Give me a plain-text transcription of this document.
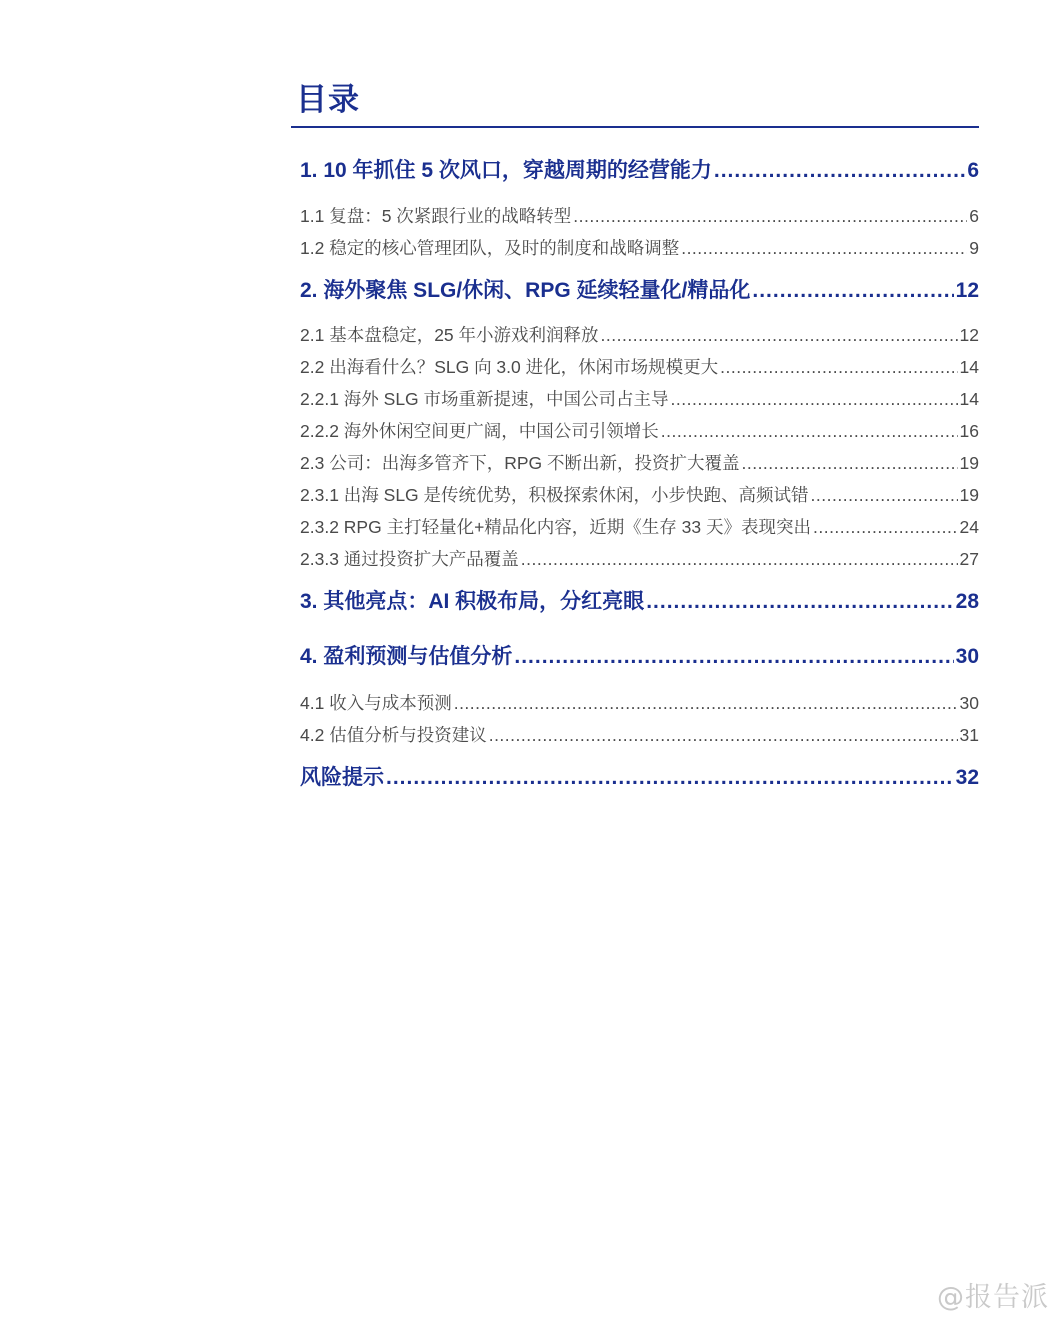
目录
1. 10 年抓住 5 次风口，穿越周期的经营能力 .....	6
1.1 复盘：5 次紧跟行业的战略转型 .....	6
1.2 稳定的核心管理团队，及时的制度和战略调整 .....	9
2. 海外聚焦 SLG/休闲、RPG 延续轻量化/精品化 .....	12
2.1 基本盘稳定，25 年小游戏利润释放 .....	12
2.2 出海看什么？SLG 向 3.0 进化，休闲市场规模更大 .....	14
2.2.1 海外 SLG 市场重新提速，中国公司占主导 .....	14
2.2.2 海外休闲空间更广阔，中国公司引领增长 .....	16
2.3 公司：出海多管齐下，RPG 不断出新，投资扩大覆盖 .....	19
2.3.1 出海 SLG 是传统优势，积极探索休闲，小步快跑、高频试错 .....	19
2.3.2 RPG 主打轻量化+精品化内容，近期《生存 33 天》表现突出 .....	24
2.3.3 通过投资扩大产品覆盖 .....	27
3. 其他亮点：AI 积极布局，分红亮眼 .....	28
4. 盈利预测与估值分析 .....	30
4.1 收入与成本预测 .....	30
4.2 估值分析与投资建议 .....	31
风险提示 .....	32
@报告派
